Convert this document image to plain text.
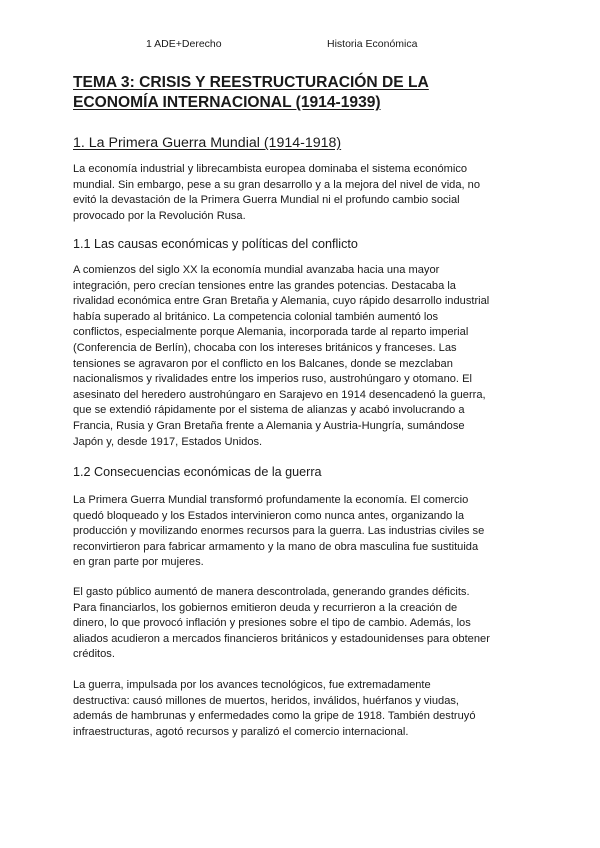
1 ADE+Derecho	Historia Económica
TEMA 3: CRISIS Y REESTRUCTURACIÓN DE LA
ECONOMÍA INTERNACIONAL (1914-1939)
1. La Primera Guerra Mundial (1914-1918)

La economía industrial y librecambista europea dominaba el sistema económico
mundial. Sin embargo, pese a su gran desarrollo y a la mejora del nivel de vida, no
evitó la devastación de la Primera Guerra Mundial ni el profundo cambio social
provocado por la Revolución Rusa.

1.1 Las causas económicas y políticas del conflicto

A comienzos del siglo XX la economía mundial avanzaba hacia una mayor
integración, pero crecían tensiones entre las grandes potencias. Destacaba la
rivalidad económica entre Gran Bretaña y Alemania, cuyo rápido desarrollo industrial
había superado al británico. La competencia colonial también aumentó los
conflictos, especialmente porque Alemania, incorporada tarde al reparto imperial
(Conferencia de Berlín), chocaba con los intereses británicos y franceses. Las
tensiones se agravaron por el conflicto en los Balcanes, donde se mezclaban
nacionalismos y rivalidades entre los imperios ruso, austrohúngaro y otomano. El
asesinato del heredero austrohúngaro en Sarajevo en 1914 desencadenó la guerra,
que se extendió rápidamente por el sistema de alianzas y acabó involucrando a
Francia, Rusia y Gran Bretaña frente a Alemania y Austria-Hungría, sumándose
Japón y, desde 1917, Estados Unidos.

1.2 Consecuencias económicas de la guerra

La Primera Guerra Mundial transformó profundamente la economía. El comercio
quedó bloqueado y los Estados intervinieron como nunca antes, organizando la
producción y movilizando enormes recursos para la guerra. Las industrias civiles se
reconvirtieron para fabricar armamento y la mano de obra masculina fue sustituida
en gran parte por mujeres.

El gasto público aumentó de manera descontrolada, generando grandes déficits.
Para financiarlos, los gobiernos emitieron deuda y recurrieron a la creación de
dinero, lo que provocó inflación y presiones sobre el tipo de cambio. Además, los
aliados acudieron a mercados financieros británicos y estadounidenses para obtener
créditos.

La guerra, impulsada por los avances tecnológicos, fue extremadamente
destructiva: causó millones de muertos, heridos, inválidos, huérfanos y viudas,
además de hambrunas y enfermedades como la gripe de 1918. También destruyó
infraestructuras, agotó recursos y paralizó el comercio internacional.
